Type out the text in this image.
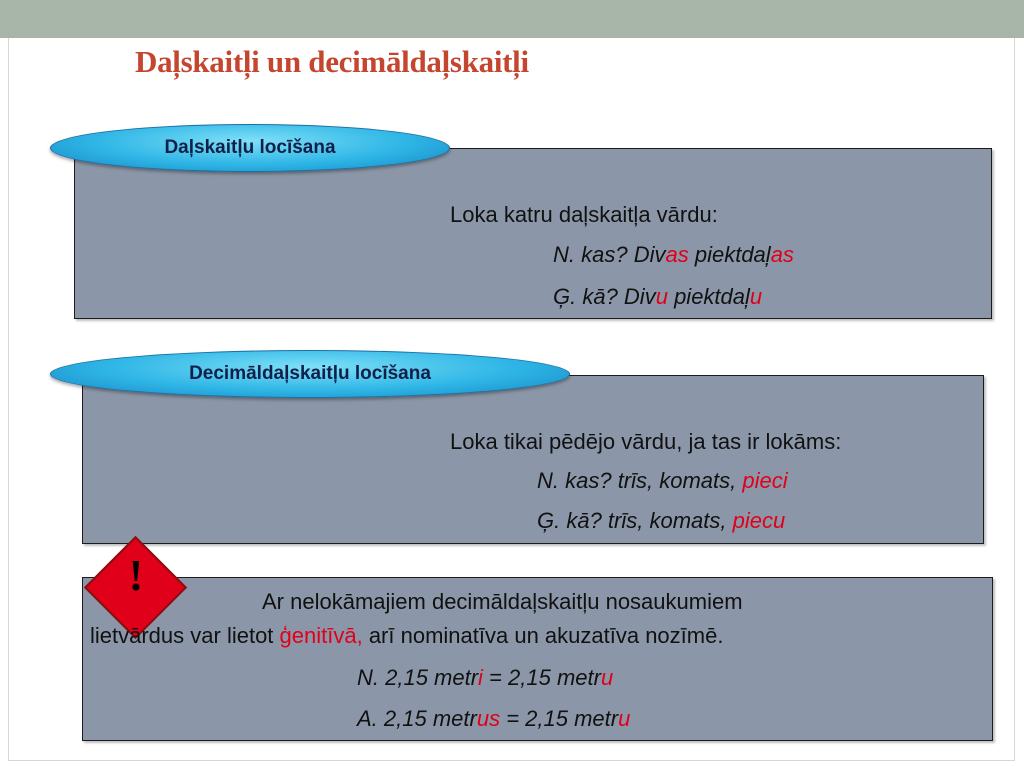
Daļskaitļi un decimāldaļskaitļi
Daļskaitļu locīšana
Loka katru daļskaitļa vārdu:
N. kas? Divas piektdaļas
Ģ. kā? Divu piektdaļu
Decimāldaļskaitļu locīšana
Loka tikai pēdējo vārdu, ja tas ir lokāms:
N. kas? trīs, komats, pieci
Ģ. kā? trīs, komats, piecu
!
Ar nelokāmajiem decimāldaļskaitļu nosaukumiem
lietvārdus var lietot ģenitīvā, arī nominatīva un akuzatīva nozīmē.
N. 2,15 metri = 2,15 metru
A. 2,15 metrus = 2,15 metru
